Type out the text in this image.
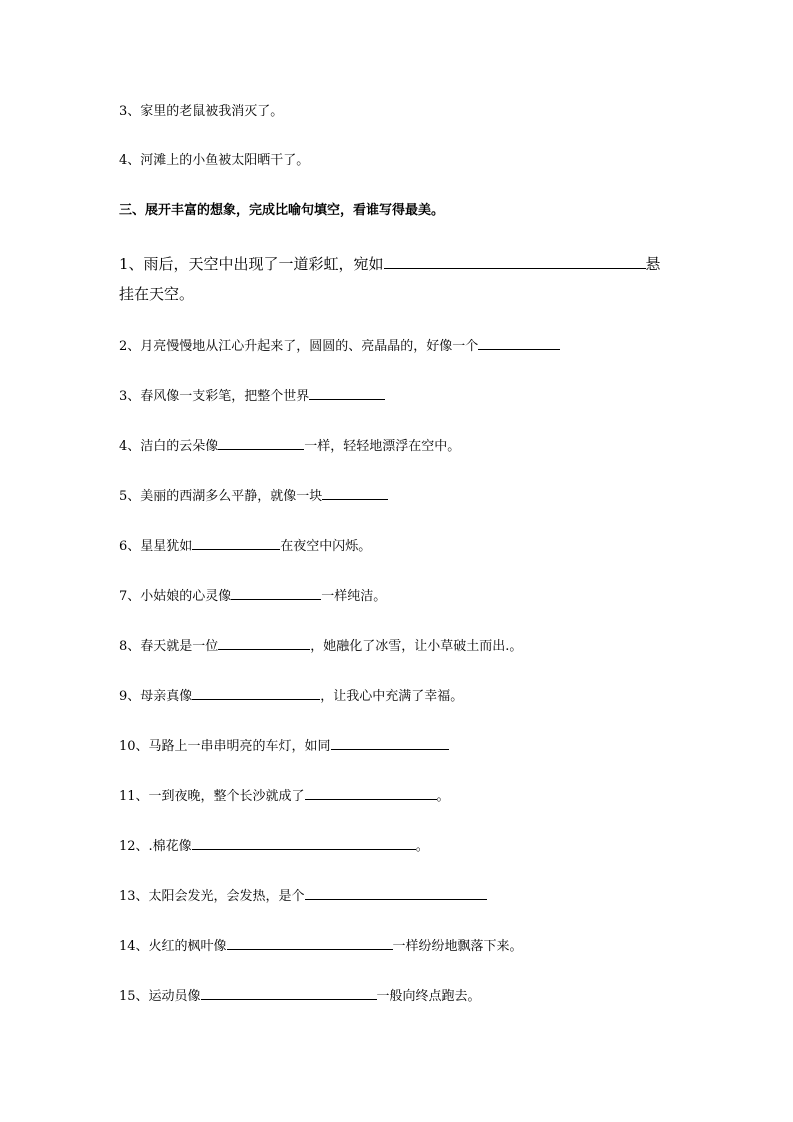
3、家里的老鼠被我消灭了。
4、河滩上的小鱼被太阳晒干了。
三、展开丰富的想象，完成比喻句填空，看谁写得最美。
1、雨后，天空中出现了一道彩虹，宛如	悬
挂在天空。
2、月亮慢慢地从江心升起来了，圆圆的、亮晶晶的，好像一个
3、春风像一支彩笔，把整个世界
4、洁白的云朵像	一样，轻轻地漂浮在空中。
5、美丽的西湖多么平静，就像一块
6、星星犹如	在夜空中闪烁。
7、小姑娘的心灵像	一样纯洁。
8、春天就是一位	，她融化了冰雪，让小草破土而出.。
9、母亲真像	，让我心中充满了幸福。
10、马路上一串串明亮的车灯，如同
11、一到夜晚，整个长沙就成了	。
12、.棉花像	。
13、太阳会发光，会发热，是个
14、火红的枫叶像	一样纷纷地飘落下来。
15、运动员像	一般向终点跑去。
